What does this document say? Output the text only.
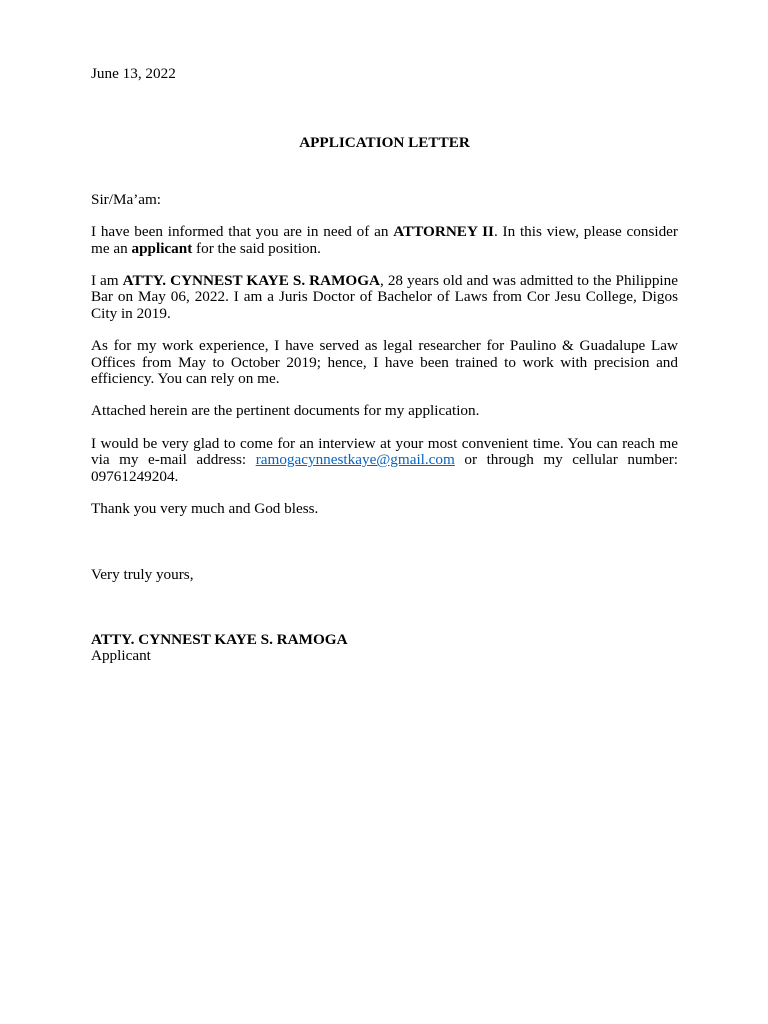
June 13, 2022

APPLICATION LETTER

Sir/Ma’am:

I have been informed that you are in need of an ATTORNEY II. In this view, please consider me an applicant for the said position.

I am ATTY. CYNNEST KAYE S. RAMOGA, 28 years old and was admitted to the Philippine Bar on May 06, 2022. I am a Juris Doctor of Bachelor of Laws from Cor Jesu College, Digos City in 2019.

As for my work experience, I have served as legal researcher for Paulino & Guadalupe Law Offices from May to October 2019; hence, I have been trained to work with precision and efficiency. You can rely on me.

Attached herein are the pertinent documents for my application.

I would be very glad to come for an interview at your most convenient time. You can reach me via my e-mail address: ramogacynnestkaye@gmail.com or through my cellular number: 09761249204.

Thank you very much and God bless.

Very truly yours,

ATTY. CYNNEST KAYE S. RAMOGA
Applicant
